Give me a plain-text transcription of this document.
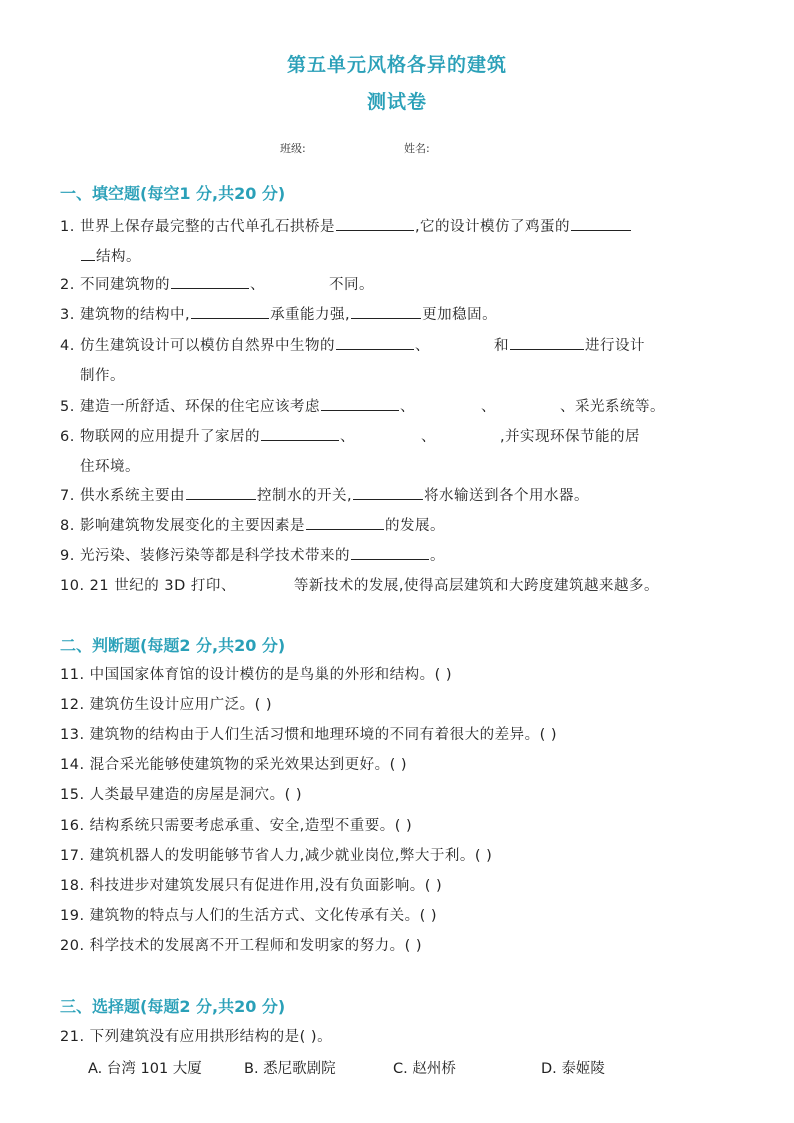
第五单元风格各异的建筑
测试卷
班级:	姓名:
一、填空题(每空1 分,共20 分)
1. 世界上保存最完整的古代单孔石拱桥是	,它的设计模仿了鸡蛋的
结构。
2. 不同建筑物的	、	不同。
3. 建筑物的结构中,	承重能力强,	更加稳固。
4. 仿生建筑设计可以模仿自然界中生物的	、	和	进行设计
制作。
5. 建造一所舒适、环保的住宅应该考虑	、	、	、采光系统等。
6. 物联网的应用提升了家居的	、	、	,并实现环保节能的居
住环境。
7. 供水系统主要由	控制水的开关,	将水输送到各个用水器。
8. 影响建筑物发展变化的主要因素是	的发展。
9. 光污染、装修污染等都是科学技术带来的	。
10. 21 世纪的 3D 打印、	等新技术的发展,使得高层建筑和大跨度建筑越来越多。
二、判断题(每题2 分,共20 分)
11. 中国国家体育馆的设计模仿的是鸟巢的外形和结构。( )
12. 建筑仿生设计应用广泛。( )
13. 建筑物的结构由于人们生活习惯和地理环境的不同有着很大的差异。( )
14. 混合采光能够使建筑物的采光效果达到更好。( )
15. 人类最早建造的房屋是洞穴。( )
16. 结构系统只需要考虑承重、安全,造型不重要。( )
17. 建筑机器人的发明能够节省人力,减少就业岗位,弊大于利。( )
18. 科技进步对建筑发展只有促进作用,没有负面影响。( )
19. 建筑物的特点与人们的生活方式、文化传承有关。( )
20. 科学技术的发展离不开工程师和发明家的努力。( )
三、选择题(每题2 分,共20 分)
21. 下列建筑没有应用拱形结构的是( )。
A. 台湾 101 大厦	B. 悉尼歌剧院	C. 赵州桥	D. 泰姬陵
